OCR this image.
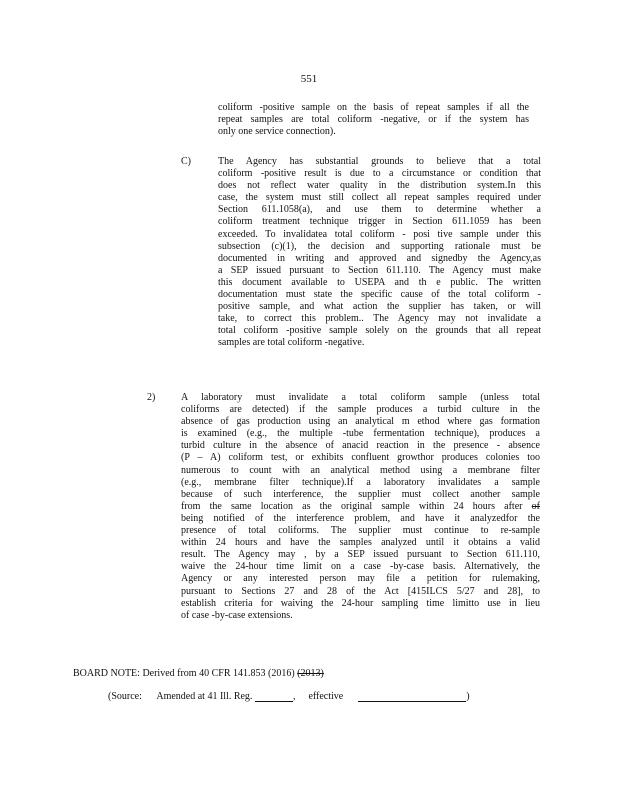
551
coliform -positive sample on the basis of repeat samples if all the
repeat samples are total coliform -negative, or if the system has
only one service connection).
C)	The Agency has substantial grounds to believe that a total
coliform -positive result is due to a circumstance or condition that
does not reflect water quality in the distribution system.In this
case, the system must still collect all repeat samples required under
Section 611.1058(a), and use them to determine whether a
coliform treatment technique trigger in Section 611.1059 has been
exceeded. To invalidatea total coliform - posi tive sample under this
subsection (c)(1), the decision and supporting rationale must be
documented in writing and approved and signedby the Agency,as
a SEP issued pursuant to Section 611.110. The Agency must make
this document available to USEPA and th e public. The written
documentation must state the specific cause of the total coliform -
positive sample, and what action the supplier has taken, or will
take, to correct this problem.. The Agency may not invalidate a
total coliform -positive sample solely on the grounds that all repeat
samples are total coliform -negative.
2)	A laboratory must invalidate a total coliform sample (unless total
coliforms are detected) if the sample produces a turbid culture in the
absence of gas production using an analytical m ethod where gas formation
is examined (e.g., the multiple -tube fermentation technique), produces a
turbid culture in the absence of anacid reaction in the presence - absence
(P – A) coliform test, or exhibits confluent growthor produces colonies too
numerous to count with an analytical method using a membrane filter
(e.g., membrane filter technique).If a laboratory invalidates a sample
because of such interference, the supplier must collect another sample
from the same location as the original sample within 24 hours after of
being notified of the interference problem, and have it analyzedfor the
presence of total coliforms. The supplier must continue to re-sample
within 24 hours and have the samples analyzed until it obtains a valid
result. The Agency may , by a SEP issued pursuant to Section 611.110,
waive the 24-hour time limit on a case -by-case basis. Alternatively, the
Agency or any interested person may file a petition for rulemaking,
pursuant to Sections 27 and 28 of the Act [415ILCS 5/27 and 28], to
establish criteria for waiving the 24-hour sampling time limitto use in lieu
of case -by-case extensions.
BOARD NOTE: Derived from 40 CFR 141.853 (2016) (2013)
(Source: Amended at 41 Ill. Reg.	, effective	)
